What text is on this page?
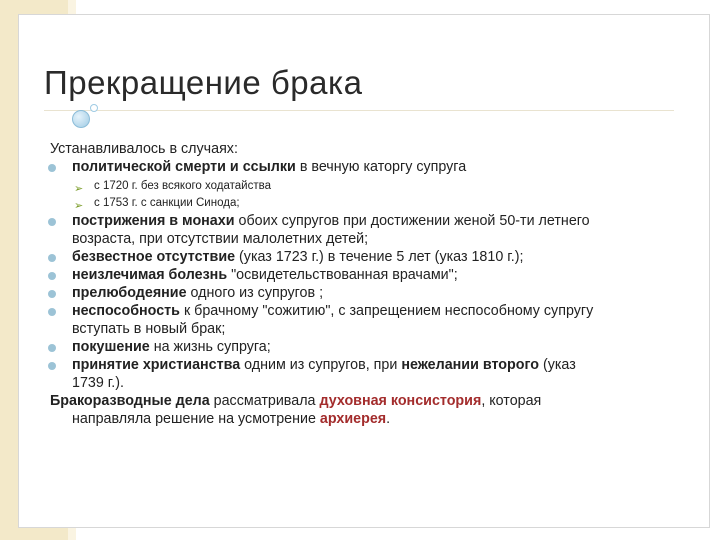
Прекращение брака

Устанавливалось в случаях:

политической смерти и ссылки в вечную каторгу супруга

➢ с 1720 г. без всякого ходатайства

➢ с 1753 г. с санкции Синода;

пострижения в монахи обоих супругов при достижении женой 50-ти летнего
возраста, при отсутствии малолетних детей;

безвестное отсутствие (указ 1723 г.) в течение 5 лет (указ 1810 г.);

неизлечимая болезнь "освидетельствованная врачами";

прелюбодеяние одного из супругов ;

неспособность к брачному "сожитию", с запрещением неспособному супругу
вступать в новый брак;

покушение на жизнь супруга;

принятие христианства одним из супругов, при нежелании второго (указ
1739 г.).

Бракоразводные дела рассматривала духовная консистория, которая
направляла решение на усмотрение архиерея.
